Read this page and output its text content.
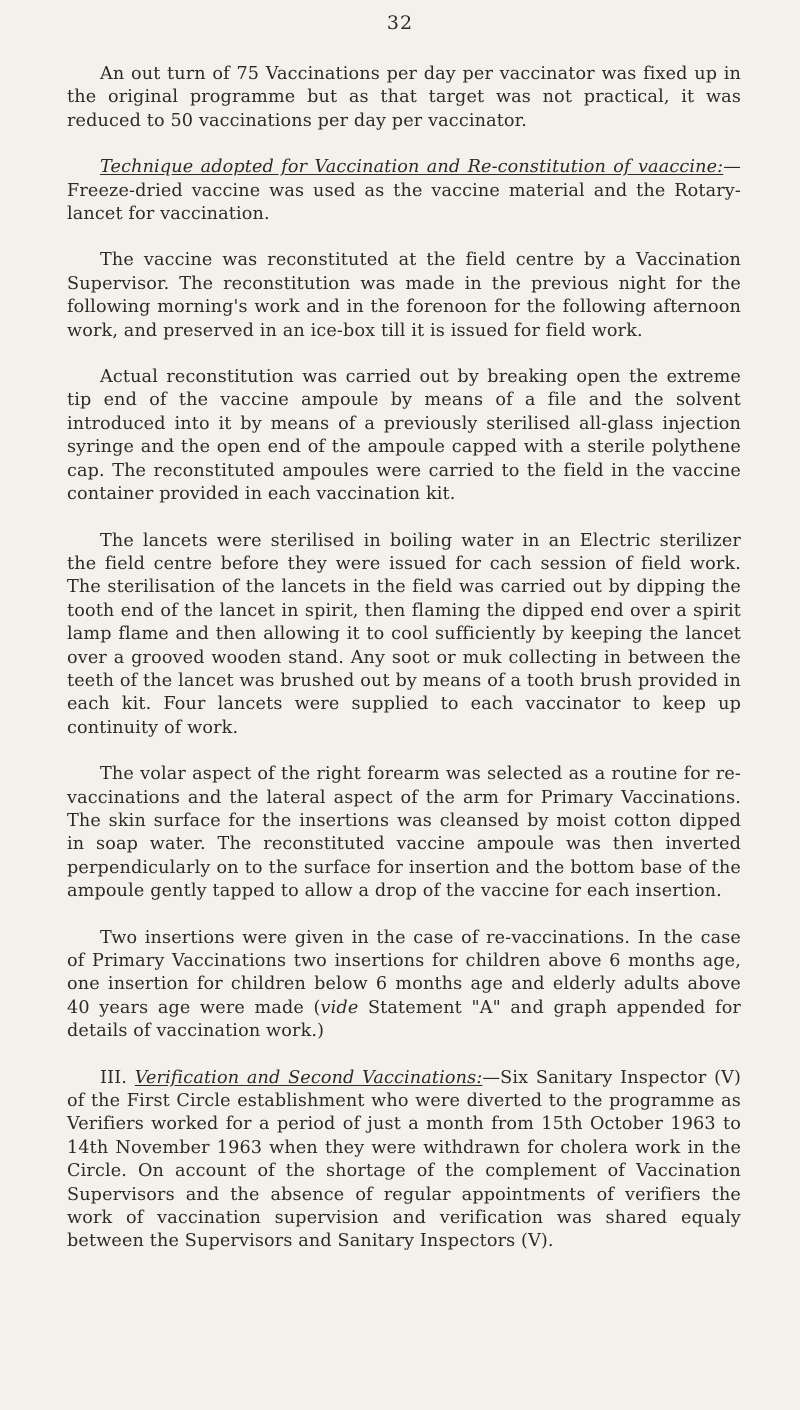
32

An out turn of 75 Vaccinations per day per vaccinator was fixed up in the original programme but as that target was not practical, it was reduced to 50 vaccinations per day per vaccinator.

Technique adopted for Vaccination and Re-constitution of vaaccine:— Freeze-dried vaccine was used as the vaccine material and the Rotary-lancet for vaccination.

The vaccine was reconstituted at the field centre by a Vaccination Supervisor. The reconstitution was made in the previous night for the following morning's work and in the forenoon for the following afternoon work, and preserved in an ice-box till it is issued for field work.

Actual reconstitution was carried out by breaking open the extreme tip end of the vaccine ampoule by means of a file and the solvent introduced into it by means of a previously sterilised all-glass injection syringe and the open end of the ampoule capped with a sterile polythene cap. The reconstituted ampoules were carried to the field in the vaccine container provided in each vaccination kit.

The lancets were sterilised in boiling water in an Electric sterilizer the field centre before they were issued for cach session of field work. The sterilisation of the lancets in the field was carried out by dipping the tooth end of the lancet in spirit, then flaming the dipped end over a spirit lamp flame and then allowing it to cool sufficiently by keeping the lancet over a grooved wooden stand. Any soot or muk collecting in between the teeth of the lancet was brushed out by means of a tooth brush provided in each kit. Four lancets were supplied to each vaccinator to keep up continuity of work.

The volar aspect of the right forearm was selected as a routine for re-vaccinations and the lateral aspect of the arm for Primary Vaccinations. The skin surface for the insertions was cleansed by moist cotton dipped in soap water. The reconstituted vaccine ampoule was then inverted perpendicularly on to the surface for insertion and the bottom base of the ampoule gently tapped to allow a drop of the vaccine for each insertion.

Two insertions were given in the case of re-vaccinations. In the case of Primary Vaccinations two insertions for children above 6 months age, one insertion for children below 6 months age and elderly adults above 40 years age were made (vide Statement "A" and graph appended for details of vaccination work.)

III. Verification and Second Vaccinations:—Six Sanitary Inspector (V) of the First Circle establishment who were diverted to the programme as Verifiers worked for a period of just a month from 15th October 1963 to 14th November 1963 when they were withdrawn for cholera work in the Circle. On account of the shortage of the complement of Vaccination Supervisors and the absence of regular appointments of verifiers the work of vaccination supervision and verification was shared equaly between the Supervisors and Sanitary Inspectors (V).
